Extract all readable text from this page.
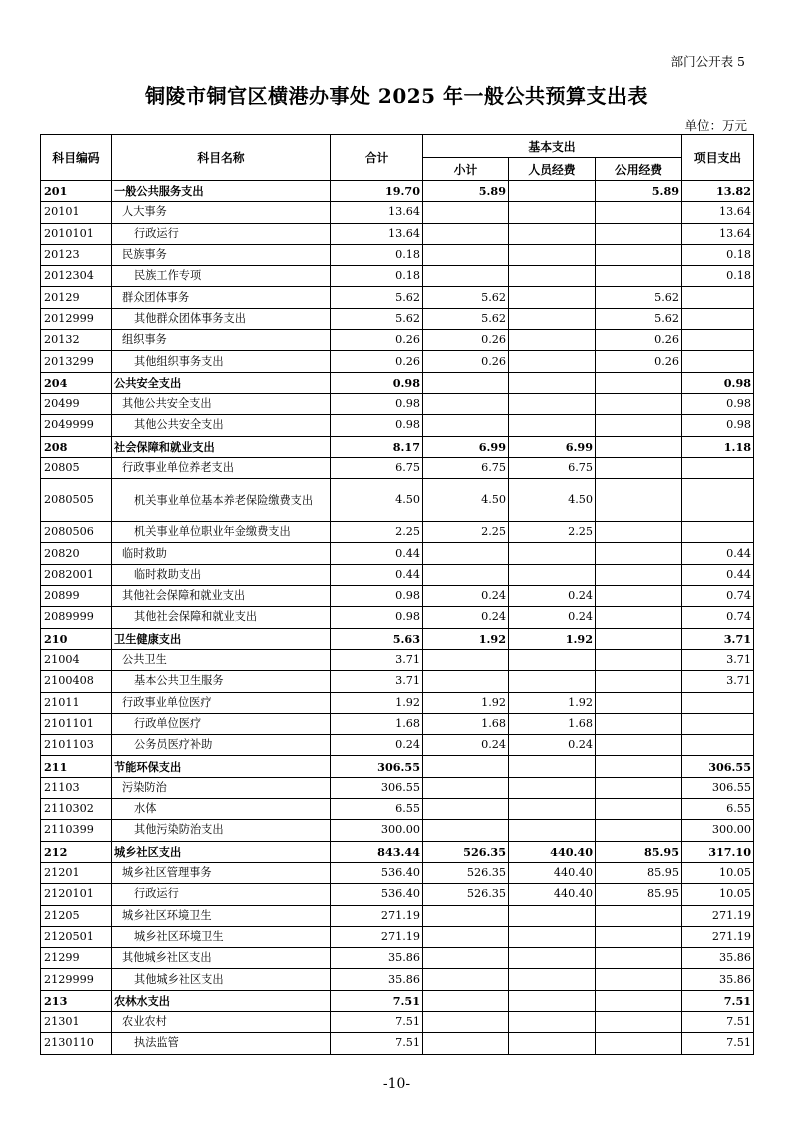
部门公开表 5
铜陵市铜官区横港办事处 2025 年一般公共预算支出表
单位：万元
科目编码	科目名称	合计	基本支出			项目支出
			小计	人员经费	公用经费	
201	一般公共服务支出	19.70	5.89		5.89	13.82
20101	人大事务	13.64				13.64
2010101	行政运行	13.64				13.64
20123	民族事务	0.18				0.18
2012304	民族工作专项	0.18				0.18
20129	群众团体事务	5.62	5.62		5.62	
2012999	其他群众团体事务支出	5.62	5.62		5.62	
20132	组织事务	0.26	0.26		0.26	
2013299	其他组织事务支出	0.26	0.26		0.26	
204	公共安全支出	0.98				0.98
20499	其他公共安全支出	0.98				0.98
2049999	其他公共安全支出	0.98				0.98
208	社会保障和就业支出	8.17	6.99	6.99		1.18
20805	行政事业单位养老支出	6.75	6.75	6.75		
2080505	机关事业单位基本养老保险缴费支出	4.50	4.50	4.50		
2080506	机关事业单位职业年金缴费支出	2.25	2.25	2.25		
20820	临时救助	0.44				0.44
2082001	临时救助支出	0.44				0.44
20899	其他社会保障和就业支出	0.98	0.24	0.24		0.74
2089999	其他社会保障和就业支出	0.98	0.24	0.24		0.74
210	卫生健康支出	5.63	1.92	1.92		3.71
21004	公共卫生	3.71				3.71
2100408	基本公共卫生服务	3.71				3.71
21011	行政事业单位医疗	1.92	1.92	1.92		
2101101	行政单位医疗	1.68	1.68	1.68		
2101103	公务员医疗补助	0.24	0.24	0.24		
211	节能环保支出	306.55				306.55
21103	污染防治	306.55				306.55
2110302	水体	6.55				6.55
2110399	其他污染防治支出	300.00				300.00
212	城乡社区支出	843.44	526.35	440.40	85.95	317.10
21201	城乡社区管理事务	536.40	526.35	440.40	85.95	10.05
2120101	行政运行	536.40	526.35	440.40	85.95	10.05
21205	城乡社区环境卫生	271.19				271.19
2120501	城乡社区环境卫生	271.19				271.19
21299	其他城乡社区支出	35.86				35.86
2129999	其他城乡社区支出	35.86				35.86
213	农林水支出	7.51				7.51
21301	农业农村	7.51				7.51
2130110	执法监管	7.51				7.51
-10-
